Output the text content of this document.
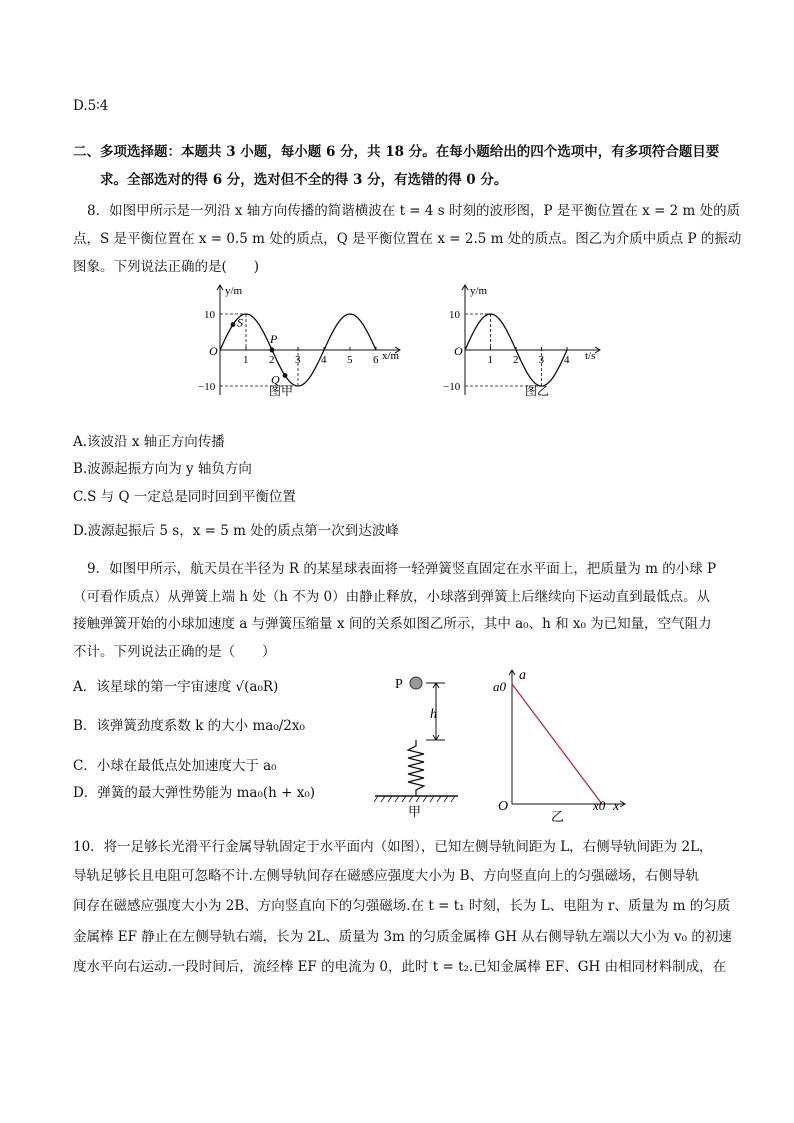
D.5∶4
二、多项选择题：本题共 3 小题，每小题 6 分，共 18 分。在每小题给出的四个选项中，有多项符合题目要
求。全部选对的得 6 分，选对但不全的得 3 分，有选错的得 0 分。
8．如图甲所示是一列沿 x 轴方向传播的简谐横波在 t = 4 s 时刻的波形图，P 是平衡位置在 x = 2 m 处的质
点，S 是平衡位置在 x = 0.5 m 处的质点，Q 是平衡位置在 x = 2.5 m 处的质点。图乙为介质中质点 P 的振动
图象。下列说法正确的是(　　)
1 2 3 4 5 6
10
−10
S
P
Q
y/m
x/m
O
图甲
1 2 3 4
10
−10
y/m
t/s
O
图乙
A.该波沿 x 轴正方向传播
B.波源起振方向为 y 轴负方向
C.S 与 Q 一定总是同时回到平衡位置
D.波源起振后 5 s，x = 5 m 处的质点第一次到达波峰
9．如图甲所示，航天员在半径为 R 的某星球表面将一轻弹簧竖直固定在水平面上，把质量为 m 的小球 P
（可看作质点）从弹簧上端 h 处（h 不为 0）由静止释放，小球落到弹簧上后继续向下运动直到最低点。从
接触弹簧开始的小球加速度 a 与弹簧压缩量 x 间的关系如图乙所示，其中 a₀、h 和 x₀ 为已知量，空气阻力
不计。下列说法正确的是（　　）
A．该星球的第一宇宙速度 √(a₀R)
B．该弹簧劲度系数 k 的大小 ma₀/2x₀
C．小球在最低点处加速度大于 a₀
D．弹簧的最大弹性势能为 ma₀(h + x₀)
P
h
甲
a
x
a0
x0
O
乙
10．将一足够长光滑平行金属导轨固定于水平面内（如图），已知左侧导轨间距为 L，右侧导轨间距为 2L，
导轨足够长且电阻可忽略不计.左侧导轨间存在磁感应强度大小为 B、方向竖直向上的匀强磁场，右侧导轨
间存在磁感应强度大小为 2B、方向竖直向下的匀强磁场.在 t = t₁ 时刻，长为 L、电阻为 r、质量为 m 的匀质
金属棒 EF 静止在左侧导轨右端，长为 2L、质量为 3m 的匀质金属棒 GH 从右侧导轨左端以大小为 v₀ 的初速
度水平向右运动.一段时间后，流经棒 EF 的电流为 0，此时 t = t₂.已知金属棒 EF、GH 由相同材料制成，在
